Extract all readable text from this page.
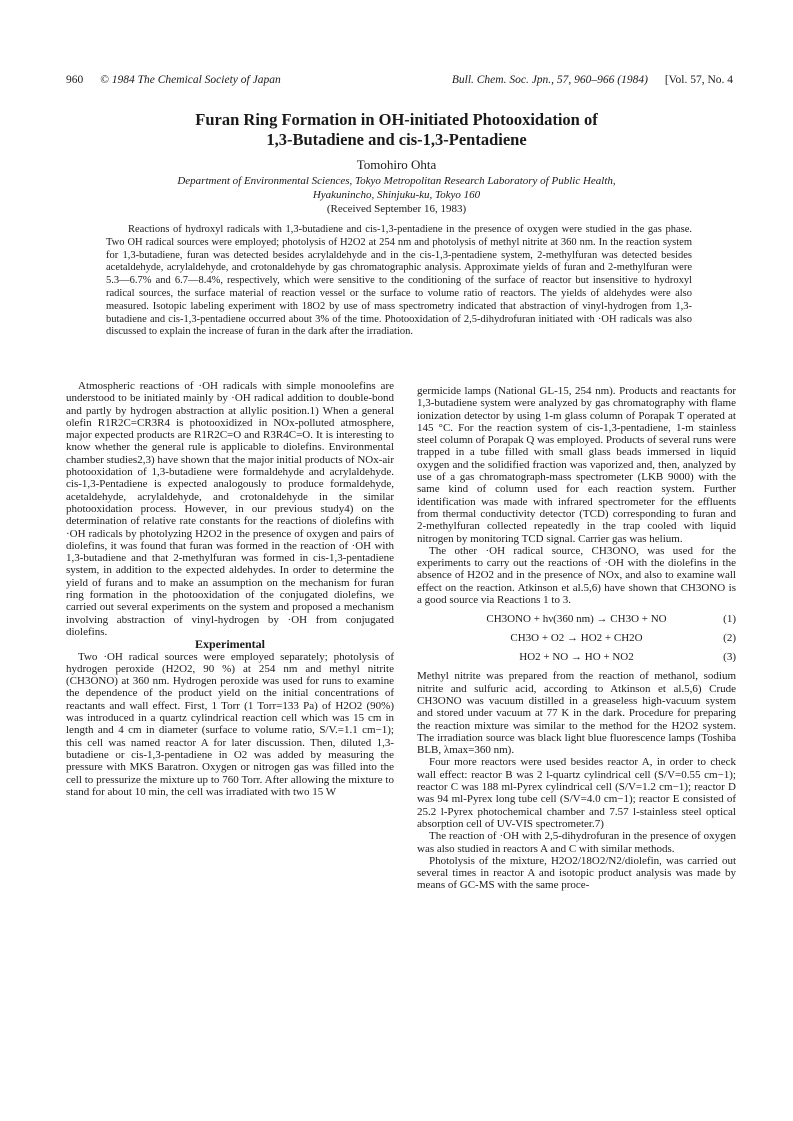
960 © 1984 The Chemical Society of Japan	Bull. Chem. Soc. Jpn., 57, 960–966 (1984) [Vol. 57, No. 4
Furan Ring Formation in OH-initiated Photooxidation of
1,3-Butadiene and cis-1,3-Pentadiene
Tomohiro Ohta
Department of Environmental Sciences, Tokyo Metropolitan Research Laboratory of Public Health,
Hyakunincho, Shinjuku-ku, Tokyo 160
(Received September 16, 1983)
Reactions of hydroxyl radicals with 1,3-butadiene and cis-1,3-pentadiene in the presence of oxygen were studied in the gas phase. Two OH radical sources were employed; photolysis of H2O2 at 254 nm and photolysis of methyl nitrite at 360 nm. In the reaction system for 1,3-butadiene, furan was detected besides acrylaldehyde and in the cis-1,3-pentadiene system, 2-methylfuran was detected besides acetaldehyde, acrylaldehyde, and crotonaldehyde by gas chromatographic analysis. Approximate yields of furan and 2-methylfuran were 5.3—6.7% and 6.7—8.4%, respectively, which were sensitive to the conditioning of the surface of reactor but insensitive to hydroxyl radical sources, the surface material of reaction vessel or the surface to volume ratio of reactors. The yields of aldehydes were also measured. Isotopic labeling experiment with 18O2 by use of mass spectrometry indicated that abstraction of vinyl-hydrogen from 1,3-butadiene and cis-1,3-pentadiene occurred about 3% of the time. Photooxidation of 2,5-dihydrofuran initiated with ·OH radicals was also discussed to explain the increase of furan in the dark after the irradiation.

Atmospheric reactions of ·OH radicals with simple monoolefins are understood to be initiated mainly by ·OH radical addition to double-bond and partly by hydrogen abstraction at allylic position.1) When a general olefin R1R2C=CR3R4 is photooxidized in NOx-polluted atmosphere, major expected products are R1R2C=O and R3R4C=O. It is interesting to know whether the general rule is applicable to diolefins. Environmental chamber studies2,3) have shown that the major initial products of NOx-air photooxidation of 1,3-butadiene were formaldehyde and acrylaldehyde. cis-1,3-Pentadiene is expected analogously to produce formaldehyde, acetaldehyde, acrylaldehyde, and crotonaldehyde in the similar photooxidation process. However, in our previous study4) on the determination of relative rate constants for the reactions of diolefins with ·OH radicals by photolyzing H2O2 in the presence of oxygen and pairs of diolefins, it was found that furan was formed in the reaction of ·OH with 1,3-butadiene and that 2-methylfuran was formed in cis-1,3-pentadiene system, in addition to the expected aldehydes. In order to determine the yield of furans and to make an assumption on the mechanism for furan ring formation in the photooxidation of the conjugated diolefins, we carried out several experiments on the system and proposed a mechanism involving abstraction of vinyl-hydrogen by ·OH from conjugated diolefins.

Experimental

Two ·OH radical sources were employed separately; photolysis of hydrogen peroxide (H2O2, 90 %) at 254 nm and methyl nitrite (CH3ONO) at 360 nm. Hydrogen peroxide was used for runs to examine the dependence of the product yield on the initial concentrations of reactants and wall effect. First, 1 Torr (1 Torr=133 Pa) of H2O2 (90%) was introduced in a quartz cylindrical reaction cell which was 15 cm in length and 4 cm in diameter (surface to volume ratio, S/V.=1.1 cm−1); this cell was named reactor A for later discussion. Then, diluted 1,3-butadiene or cis-1,3-pentadiene in O2 was added by measuring the pressure with MKS Baratron. Oxygen or nitrogen gas was filled into the cell to pressurize the mixture up to 760 Torr. After allowing the mixture to stand for about 10 min, the cell was irradiated with two 15 W

germicide lamps (National GL-15, 254 nm). Products and reactants for 1,3-butadiene system were analyzed by gas chromatography with flame ionization detector by using 1-m glass column of Porapak T operated at 145 °C. For the reaction system of cis-1,3-pentadiene, 1-m stainless steel column of Porapak Q was employed. Products of several runs were trapped in a tube filled with small glass beads immersed in liquid oxygen and the solidified fraction was vaporized and, then, analyzed by use of a gas chromatograph-mass spectrometer (LKB 9000) with the same kind of column used for each reaction system. Further identification was made with infrared spectrometer for the effluents from thermal conductivity detector (TCD) corresponding to furan and 2-methylfuran collected repeatedly in the trap cooled with liquid nitrogen by monitoring TCD signal. Carrier gas was helium.

The other ·OH radical source, CH3ONO, was used for the experiments to carry out the reactions of ·OH with the diolefins in the absence of H2O2 and in the presence of NOx, and also to examine wall effect on the reaction. Atkinson et al.5,6) have shown that CH3ONO is a good source via Reactions 1 to 3.

CH3ONO + hν(360 nm) → CH3O + NO	(1)
CH3O + O2 → HO2 + CH2O	(2)
HO2 + NO → HO + NO2	(3)

Methyl nitrite was prepared from the reaction of methanol, sodium nitrite and sulfuric acid, according to Atkinson et al.5,6) Crude CH3ONO was vacuum distilled in a greaseless high-vacuum system and stored under vacuum at 77 K in the dark. Procedure for preparing the reaction mixture was similar to the method for the H2O2 system. The irradiation source was black light blue fluorescence lamps (Toshiba BLB, λmax=360 nm).

Four more reactors were used besides reactor A, in order to check wall effect: reactor B was 2 l-quartz cylindrical cell (S/V=0.55 cm−1); reactor C was 188 ml-Pyrex cylindrical cell (S/V=1.2 cm−1); reactor D was 94 ml-Pyrex long tube cell (S/V=4.0 cm−1); reactor E consisted of 25.2 l-Pyrex photochemical chamber and 7.57 l-stainless steel optical absorption cell of UV-VIS spectrometer.7)

The reaction of ·OH with 2,5-dihydrofuran in the presence of oxygen was also studied in reactors A and C with similar methods.

Photolysis of the mixture, H2O2/18O2/N2/diolefin, was carried out several times in reactor A and isotopic product analysis was made by means of GC-MS with the same proce-
